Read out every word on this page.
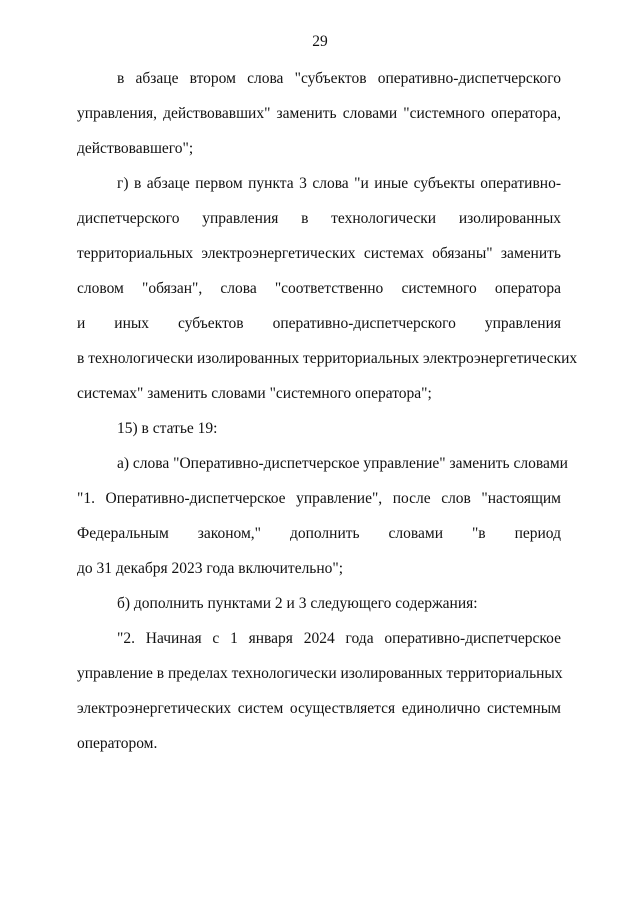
29
в абзаце втором слова "субъектов оперативно-диспетчерского
управления, действовавших" заменить словами "системного оператора,
действовавшего";
г) в абзаце первом пункта 3 слова "и иные субъекты оперативно-
диспетчерского управления в технологически изолированных
территориальных электроэнергетических системах обязаны" заменить
словом "обязан", слова "соответственно системного оператора
и иных субъектов оперативно-диспетчерского управления
в технологически изолированных территориальных электроэнергетических
системах" заменить словами "системного оператора";
15) в статье 19:
а) слова "Оперативно-диспетчерское управление" заменить словами
"1. Оперативно-диспетчерское управление", после слов "настоящим
Федеральным законом," дополнить словами "в период
до 31 декабря 2023 года включительно";
б) дополнить пунктами 2 и 3 следующего содержания:
"2. Начиная с 1 января 2024 года оперативно-диспетчерское
управление в пределах технологически изолированных территориальных
электроэнергетических систем осуществляется единолично системным
оператором.
